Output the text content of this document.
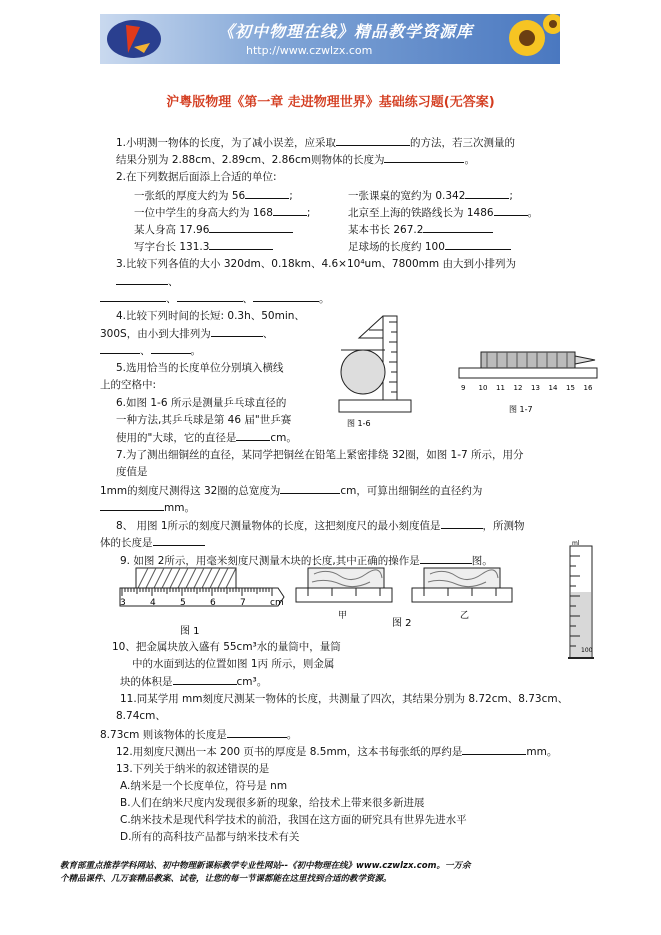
《初中物理在线》精品教学资源库
http://www.czwlzx.com
沪粤版物理《第一章 走进物理世界》基础练习题(无答案)
1.小明测一物体的长度，为了减小误差，应采取	的方法，若三次测量的
结果分别为 2.88cm、2.89cm、2.86cm则物体的长度为	。
2.在下列数据后面添上合适的单位:
一张纸的厚度大约为 56	;	一张课桌的宽约为 0.342	;
一位中学生的身高大约为 168	;	北京至上海的铁路线长为 1486	。
某人身高 17.96	某本书长 267.2
写字台长 131.3	足球场的长度约 100
3.比较下列各值的大小 320dm、0.18km、4.6×10⁴um、7800mm 由大到小排列为
、
、	、	。
4.比较下列时间的长短: 0.3h、50min、
300S，由小到大排列为	、
、	。
5.选用恰当的长度单位分别填入横线
上的空格中:
6.如图 1-6 所示是测量乒乓球直径的
一种方法,其乒乓球是第 46 届"世乒赛
使用的"大球，它的直径是	cm。
图 1-6
9 10 11 12 13 14 15 16
图 1-7
7.为了测出细铜丝的直径，某同学把铜丝在铅笔上紧密排绕 32圈，如图 1-7 所示，用分
度值是
1mm的刻度尺测得这 32圈的总宽度为	cm，可算出细铜丝的直径约为
mm。
8、 用图 1所示的刻度尺测量物体的长度，这把刻度尺的最小刻度值是	，所测物
体的长度是
9. 如图 2所示，用毫米刻度尺测量木块的长度,其中正确的操作是	图。
3	4	5	6	7	cm
图 1
甲	乙
图 2
ml
100
10、把金属块放入盛有 55cm³水的量筒中，量筒
中的水面到达的位置如图 1丙 所示，则金属
块的体积是	cm³。
11.同某学用 mm刻度尺测某一物体的长度，共测量了四次，其结果分别为 8.72cm、8.73cm、
8.74cm、
8.73cm 则该物体的长度是	。
12.用刻度尺测出一本 200 页书的厚度是 8.5mm，这本书每张纸的厚约是	mm。
13.下列关于纳米的叙述错误的是
A.纳米是一个长度单位，符号是 nm
B.人们在纳米尺度内发现很多新的现象，给技术上带来很多新进展
C.纳米技术是现代科学技术的前沿，我国在这方面的研究具有世界先进水平
D.所有的高科技产品都与纳米技术有关
教育部重点推荐学科网站、初中物理新课标教学专业性网站--《初中物理在线》www.czwlzx.com。一万余
个精品课件、几万套精品教案、试卷，让您的每一节课都能在这里找到合适的教学资源。
